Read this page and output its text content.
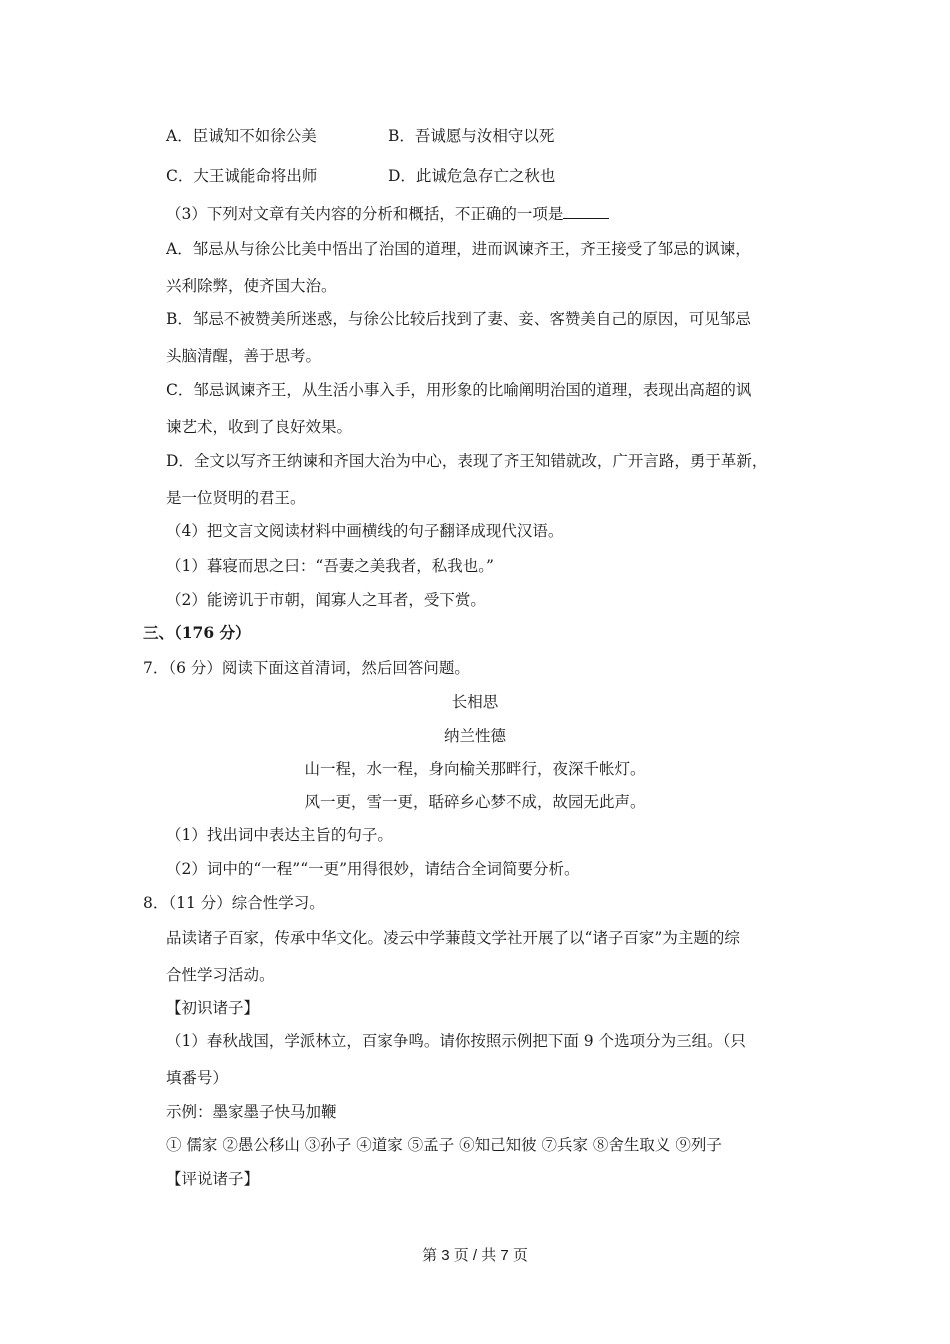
A．臣诚知不如徐公美	B．吾诚愿与汝相守以死
C．大王诚能命将出师	D．此诚危急存亡之秋也
（3）下列对文章有关内容的分析和概括，不正确的一项是
A．邹忌从与徐公比美中悟出了治国的道理，进而讽谏齐王，齐王接受了邹忌的讽谏，
兴利除弊，使齐国大治。
B．邹忌不被赞美所迷惑，与徐公比较后找到了妻、妾、客赞美自己的原因，可见邹忌
头脑清醒，善于思考。
C．邹忌讽谏齐王，从生活小事入手，用形象的比喻阐明治国的道理，表现出高超的讽
谏艺术，收到了良好效果。
D．全文以写齐王纳谏和齐国大治为中心，表现了齐王知错就改，广开言路，勇于革新，
是一位贤明的君王。
（4）把文言文阅读材料中画横线的句子翻译成现代汉语。
（1）暮寝而思之曰：“吾妻之美我者，私我也。”
（2）能谤讥于市朝，闻寡人之耳者，受下赏。
三、（176 分）
7．（6 分）阅读下面这首清词，然后回答问题。
长相思
纳兰性德
山一程，水一程，身向榆关那畔行，夜深千帐灯。
风一更，雪一更，聒碎乡心梦不成，故园无此声。
（1）找出词中表达主旨的句子。
（2）词中的“一程”“一更”用得很妙，请结合全词简要分析。
8．（11 分）综合性学习。
品读诸子百家，传承中华文化。凌云中学蒹葭文学社开展了以“诸子百家”为主题的综
合性学习活动。
【初识诸子】
（1）春秋战国，学派林立，百家争鸣。请你按照示例把下面 9 个选项分为三组。（只
填番号）
示例：墨家墨子快马加鞭
① 儒家 ②愚公移山 ③孙子 ④道家 ⑤孟子 ⑥知己知彼 ⑦兵家 ⑧舍生取义 ⑨列子
【评说诸子】
第 3 页 / 共 7 页
